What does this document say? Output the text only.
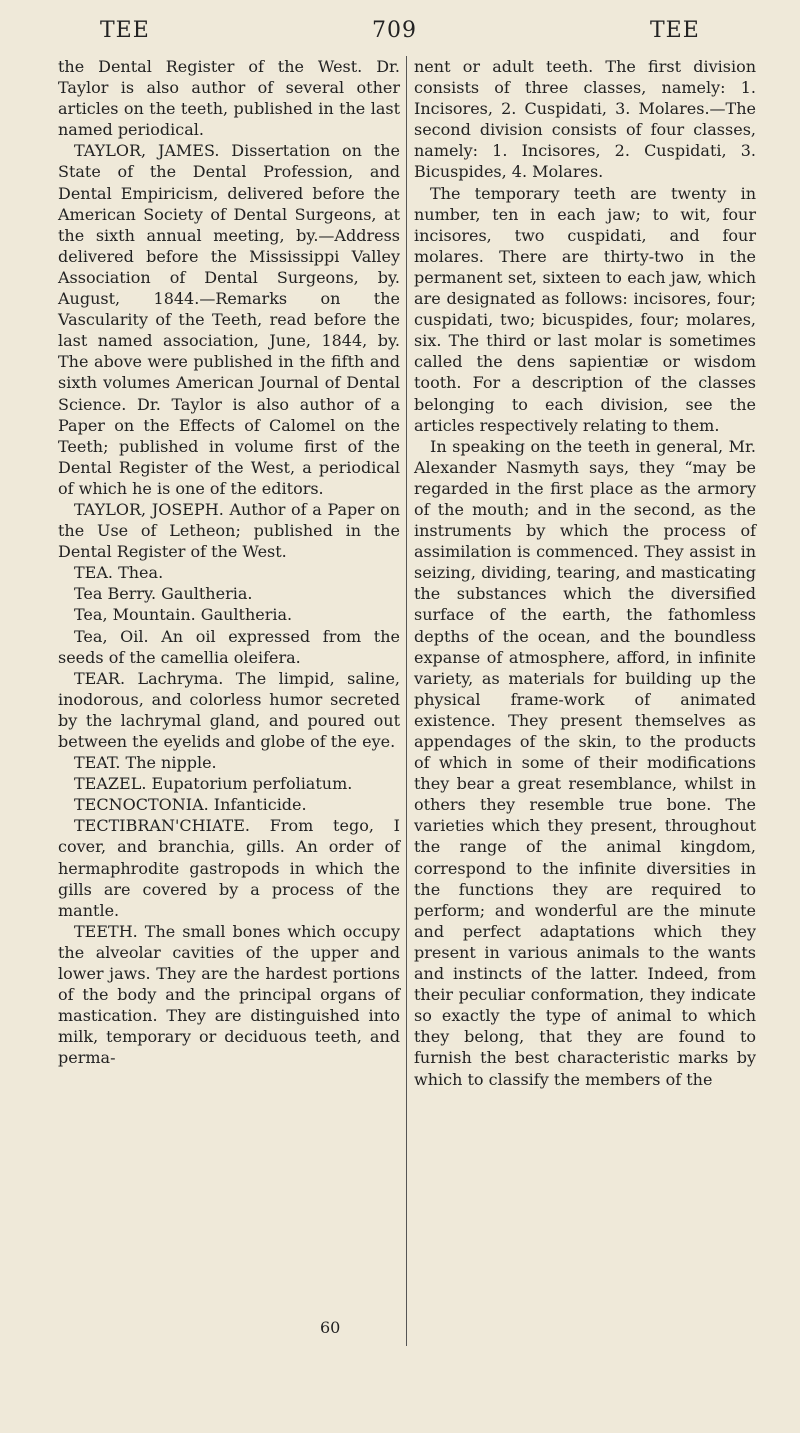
TEE	709	TEE

the Dental Register of the West. Dr. Taylor is also author of several other articles on the teeth, published in the last named periodical.

TAYLOR, JAMES. Dissertation on the State of the Dental Profession, and Dental Empiricism, delivered before the American Society of Dental Surgeons, at the sixth annual meeting, by.—Address delivered before the Mississippi Valley Association of Dental Surgeons, by. August, 1844.—Remarks on the Vascularity of the Teeth, read before the last named association, June, 1844, by. The above were published in the fifth and sixth volumes American Journal of Dental Science. Dr. Taylor is also author of a Paper on the Effects of Calomel on the Teeth; published in volume first of the Dental Register of the West, a periodical of which he is one of the editors.

TAYLOR, JOSEPH. Author of a Paper on the Use of Letheon; published in the Dental Register of the West.

TEA. Thea.

Tea Berry. Gaultheria.

Tea, Mountain. Gaultheria.

Tea, Oil. An oil expressed from the seeds of the camellia oleifera.

TEAR. Lachryma. The limpid, saline, inodorous, and colorless humor secreted by the lachrymal gland, and poured out between the eyelids and globe of the eye.

TEAT. The nipple.

TEAZEL. Eupatorium perfoliatum.

TECNOCTONIA. Infanticide.

TECTIBRAN'CHIATE. From tego, I cover, and branchia, gills. An order of hermaphrodite gastropods in which the gills are covered by a process of the mantle.

TEETH. The small bones which occupy the alveolar cavities of the upper and lower jaws. They are the hardest portions of the body and the principal organs of mastication. They are distinguished into milk, temporary or deciduous teeth, and perma-

nent or adult teeth. The first division consists of three classes, namely: 1. Incisores, 2. Cuspidati, 3. Molares.—The second division consists of four classes, namely: 1. Incisores, 2. Cuspidati, 3. Bicuspides, 4. Molares.

The temporary teeth are twenty in number, ten in each jaw; to wit, four incisores, two cuspidati, and four molares. There are thirty-two in the permanent set, sixteen to each jaw, which are designated as follows: incisores, four; cuspidati, two; bicuspides, four; molares, six. The third or last molar is sometimes called the dens sapientiæ or wisdom tooth. For a description of the classes belonging to each division, see the articles respectively relating to them.

In speaking on the teeth in general, Mr. Alexander Nasmyth says, they “may be regarded in the first place as the armory of the mouth; and in the second, as the instruments by which the process of assimilation is commenced. They assist in seizing, dividing, tearing, and masticating the substances which the diversified surface of the earth, the fathomless depths of the ocean, and the boundless expanse of atmosphere, afford, in infinite variety, as materials for building up the physical frame-work of animated existence. They present themselves as appendages of the skin, to the products of which in some of their modifications they bear a great resemblance, whilst in others they resemble true bone. The varieties which they present, throughout the range of the animal kingdom, correspond to the infinite diversities in the functions they are required to perform; and wonderful are the minute and perfect adaptations which they present in various animals to the wants and instincts of the latter. Indeed, from their peculiar conformation, they indicate so exactly the type of animal to which they belong, that they are found to furnish the best characteristic marks by which to classify the members of the

60
